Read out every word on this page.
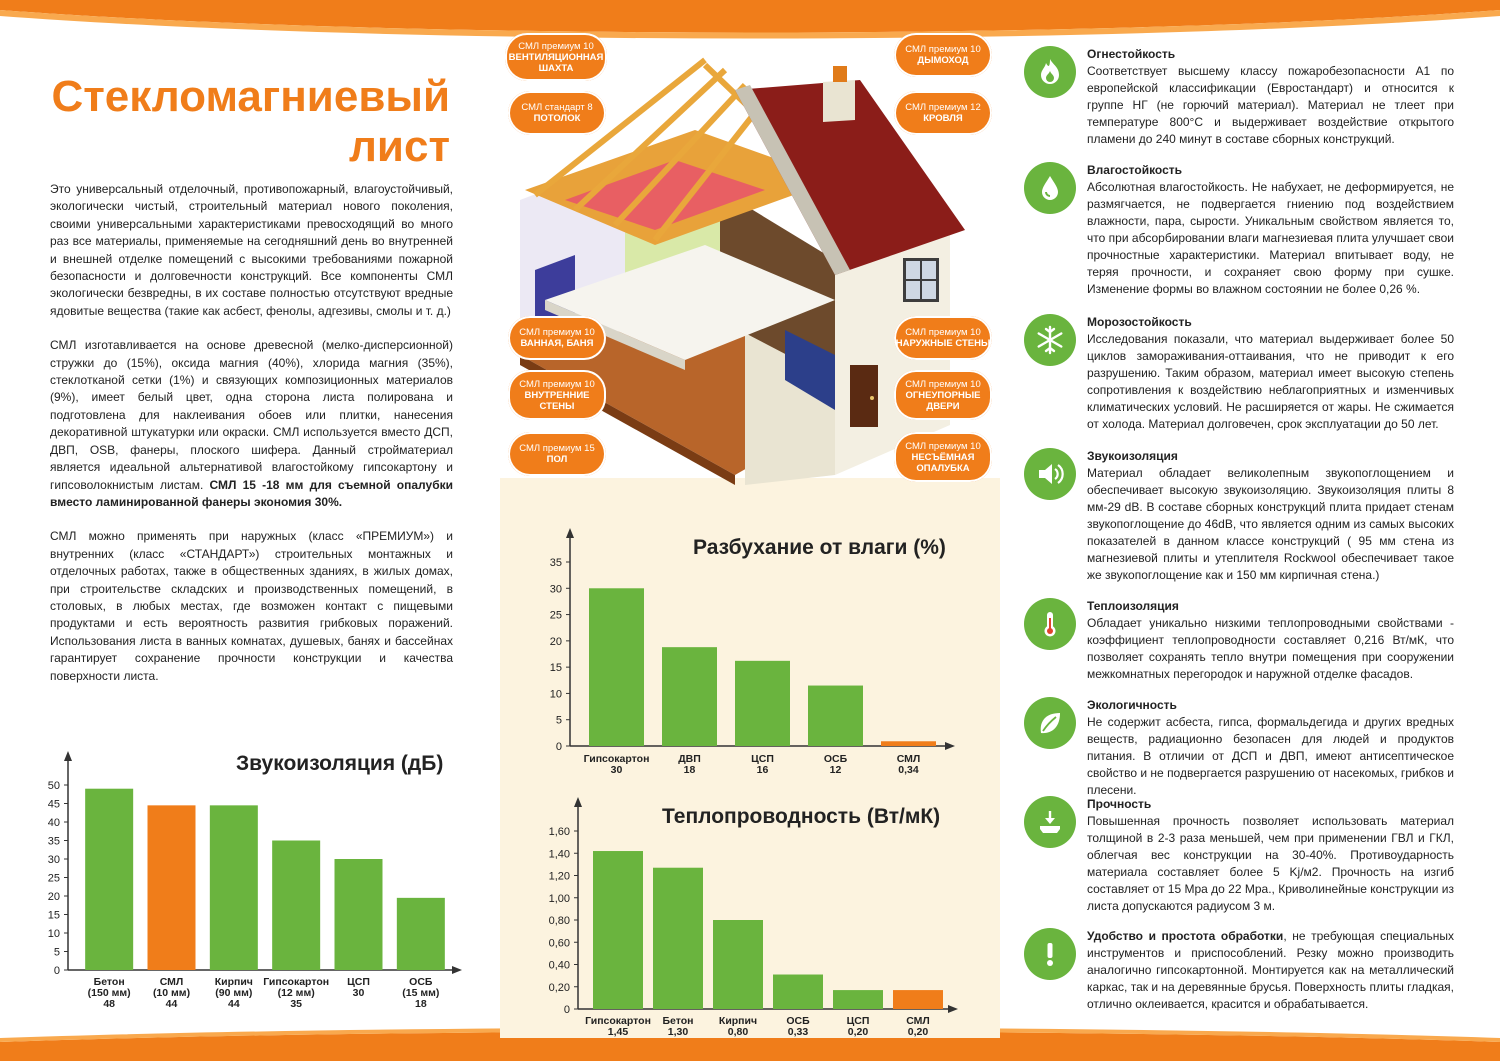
Стекломагниевый
лист

Это универсальный отделочный, противопожарный, влагоустойчивый, экологически чистый, строительный материал нового поколения, своими универсальными характеристиками превосходящий во много раз все материалы, применяемые на сегодняшний день во внутренней и внешней отделке помещений с высокими требованиями пожарной безопасности и долговечности конструкций. Все компоненты СМЛ экологически безвредны, в их составе полностью отсутствуют вредные ядовитые вещества (такие как асбест, фенолы, адгезивы, смолы и т. д.)

СМЛ изготавливается на основе древесной (мелко-дисперсионной) стружки до (15%), оксида магния (40%), хлорида магния (35%), стеклотканой сетки (1%) и связующих композиционных материалов (9%), имеет белый цвет, одна сторона листа полирована и подготовлена для наклеивания обоев или плитки, нанесения декоративной штукатурки или окраски. СМЛ используется вместо ДСП, ДВП, OSB, фанеры, плоского шифера. Данный стройматериал является идеальной альтернативой влагостойкому гипсокартону и гипсоволокнистым листам. СМЛ 15 -18 мм для съемной опалубки вместо ламинированной фанеры экономия 30%.

СМЛ можно применять при наружных (класс «ПРЕМИУМ») и внутренних (класс «СТАНДАРТ») строительных монтажных и отделочных работах, также в общественных зданиях, в жилых домах, при строительстве складских и производственных помещений, в столовых, в любых местах, где возможен контакт с пищевыми продуктами и есть вероятность развития грибковых поражений. Использования листа в ванных комнатах, душевых, банях и бассейнах гарантирует сохранение прочности конструкции и качества поверхности листа.

СМЛ премиум 10
ВЕНТИЛЯЦИОННАЯ ШАХТА
СМЛ стандарт 8
ПОТОЛОК
СМЛ премиум 10
ВАННАЯ, БАНЯ
СМЛ премиум 10
ВНУТРЕННИЕ СТЕНЫ
СМЛ премиум 15
ПОЛ
СМЛ премиум 10
ДЫМОХОД
СМЛ премиум 12
КРОВЛЯ
СМЛ премиум 10
НАРУЖНЫЕ СТЕНЫ
СМЛ премиум 10
ОГНЕУПОРНЫЕ ДВЕРИ
СМЛ премиум 10
НЕСЪЁМНАЯ ОПАЛУБКА
Звукоизоляция (дБ)
Разбухание от влаги (%)
Теплопроводность (Вт/мК)
0
5
10
15
20
25
30
35
40
45
50
Бетон
(150 мм)
48
СМЛ
(10 мм)
44
Кирпич
(90 мм)
44
Гипсокартон
(12 мм)
35
ЦСП
30
ОСБ
(15 мм)
18
0
5
10
15
20
25
30
35
Гипсокартон
30
ДВП
18
ЦСП
16
ОСБ
12
СМЛ
0,34
0
0,20
0,40
0,60
0,80
1,00
1,20
1,40
1,60
Гипсокартон
1,45
Бетон
1,30
Кирпич
0,80
ОСБ
0,33
ЦСП
0,20
СМЛ
0,20
Огнестойкость
Соответствует высшему классу пожаробезопасности А1 по европейской классификации (Евростандарт) и относится к группе НГ (не горючий материал). Материал не тлеет при температуре 800°С и выдерживает воздействие открытого пламени до 240 минут в составе сборных конструкций.
Влагостойкость
Абсолютная влагостойкость. Не набухает, не деформируется, не размягчается, не подвергается гниению под воздействием влажности, пара, сырости. Уникальным свойством является то, что при абсорбировании влаги магнезиевая плита улучшает свои прочностные характеристики. Материал впитывает воду, не теряя прочности, и сохраняет свою форму при сушке. Изменение формы во влажном состоянии не более 0,26 %.
Морозостойкость
Исследования показали, что материал выдерживает более 50 циклов замораживания-оттаивания, что не приводит к его разрушению. Таким образом, материал имеет высокую степень сопротивления к воздействию неблагоприятных и изменчивых климатических условий. Не расширяется от жары. Не сжимается от холода. Материал долговечен, срок эксплуатации до 50 лет.
Звукоизоляция
Материал обладает великолепным звукопоглощением и обеспечивает высокую звукоизоляцию. Звукоизоляция плиты 8 мм-29 dB. В составе сборных конструкций плита придает стенам звукопоглощение до 46dB, что является одним из самых высоких показателей в данном классе конструкций ( 95 мм стена из магнезиевой плиты и утеплителя Rockwool обеспечивает такое же звукопоглощение как и 150 мм кирпичная стена.)
Теплоизоляция
Обладает уникально низкими теплопроводными свойствами - коэффициент теплопроводности составляет 0,216 Вт/мК, что позволяет сохранять тепло внутри помещения при сооружении межкомнатных перегородок и наружной отделке фасадов.
Экологичность
Не содержит асбеста, гипса, формальдегида и других вредных веществ, радиационно безопасен для людей и продуктов питания. В отличии от ДСП и ДВП, имеют антисептическое свойство и не подвергается разрушению от насекомых, грибков и плесени.
Прочность
Повышенная прочность позволяет использовать материал толщиной в 2-3 раза меньшей, чем при применении ГВЛ и ГКЛ, облегчая вес конструкции на 30-40%. Противоударность материала составляет более 5 Kj/м2. Прочность на изгиб составляет от 15 Мра до 22 Мра., Криволинейные конструкции из листа допускаются радиусом 3 м.
Удобство и простота обработки, не требующая специальных инструментов и приспособлений. Резку можно производить аналогично гипсокартонной. Монтируется как на металлический каркас, так и на деревянные брусья. Поверхность плиты гладкая, отлично оклеивается, красится и обрабатывается.
